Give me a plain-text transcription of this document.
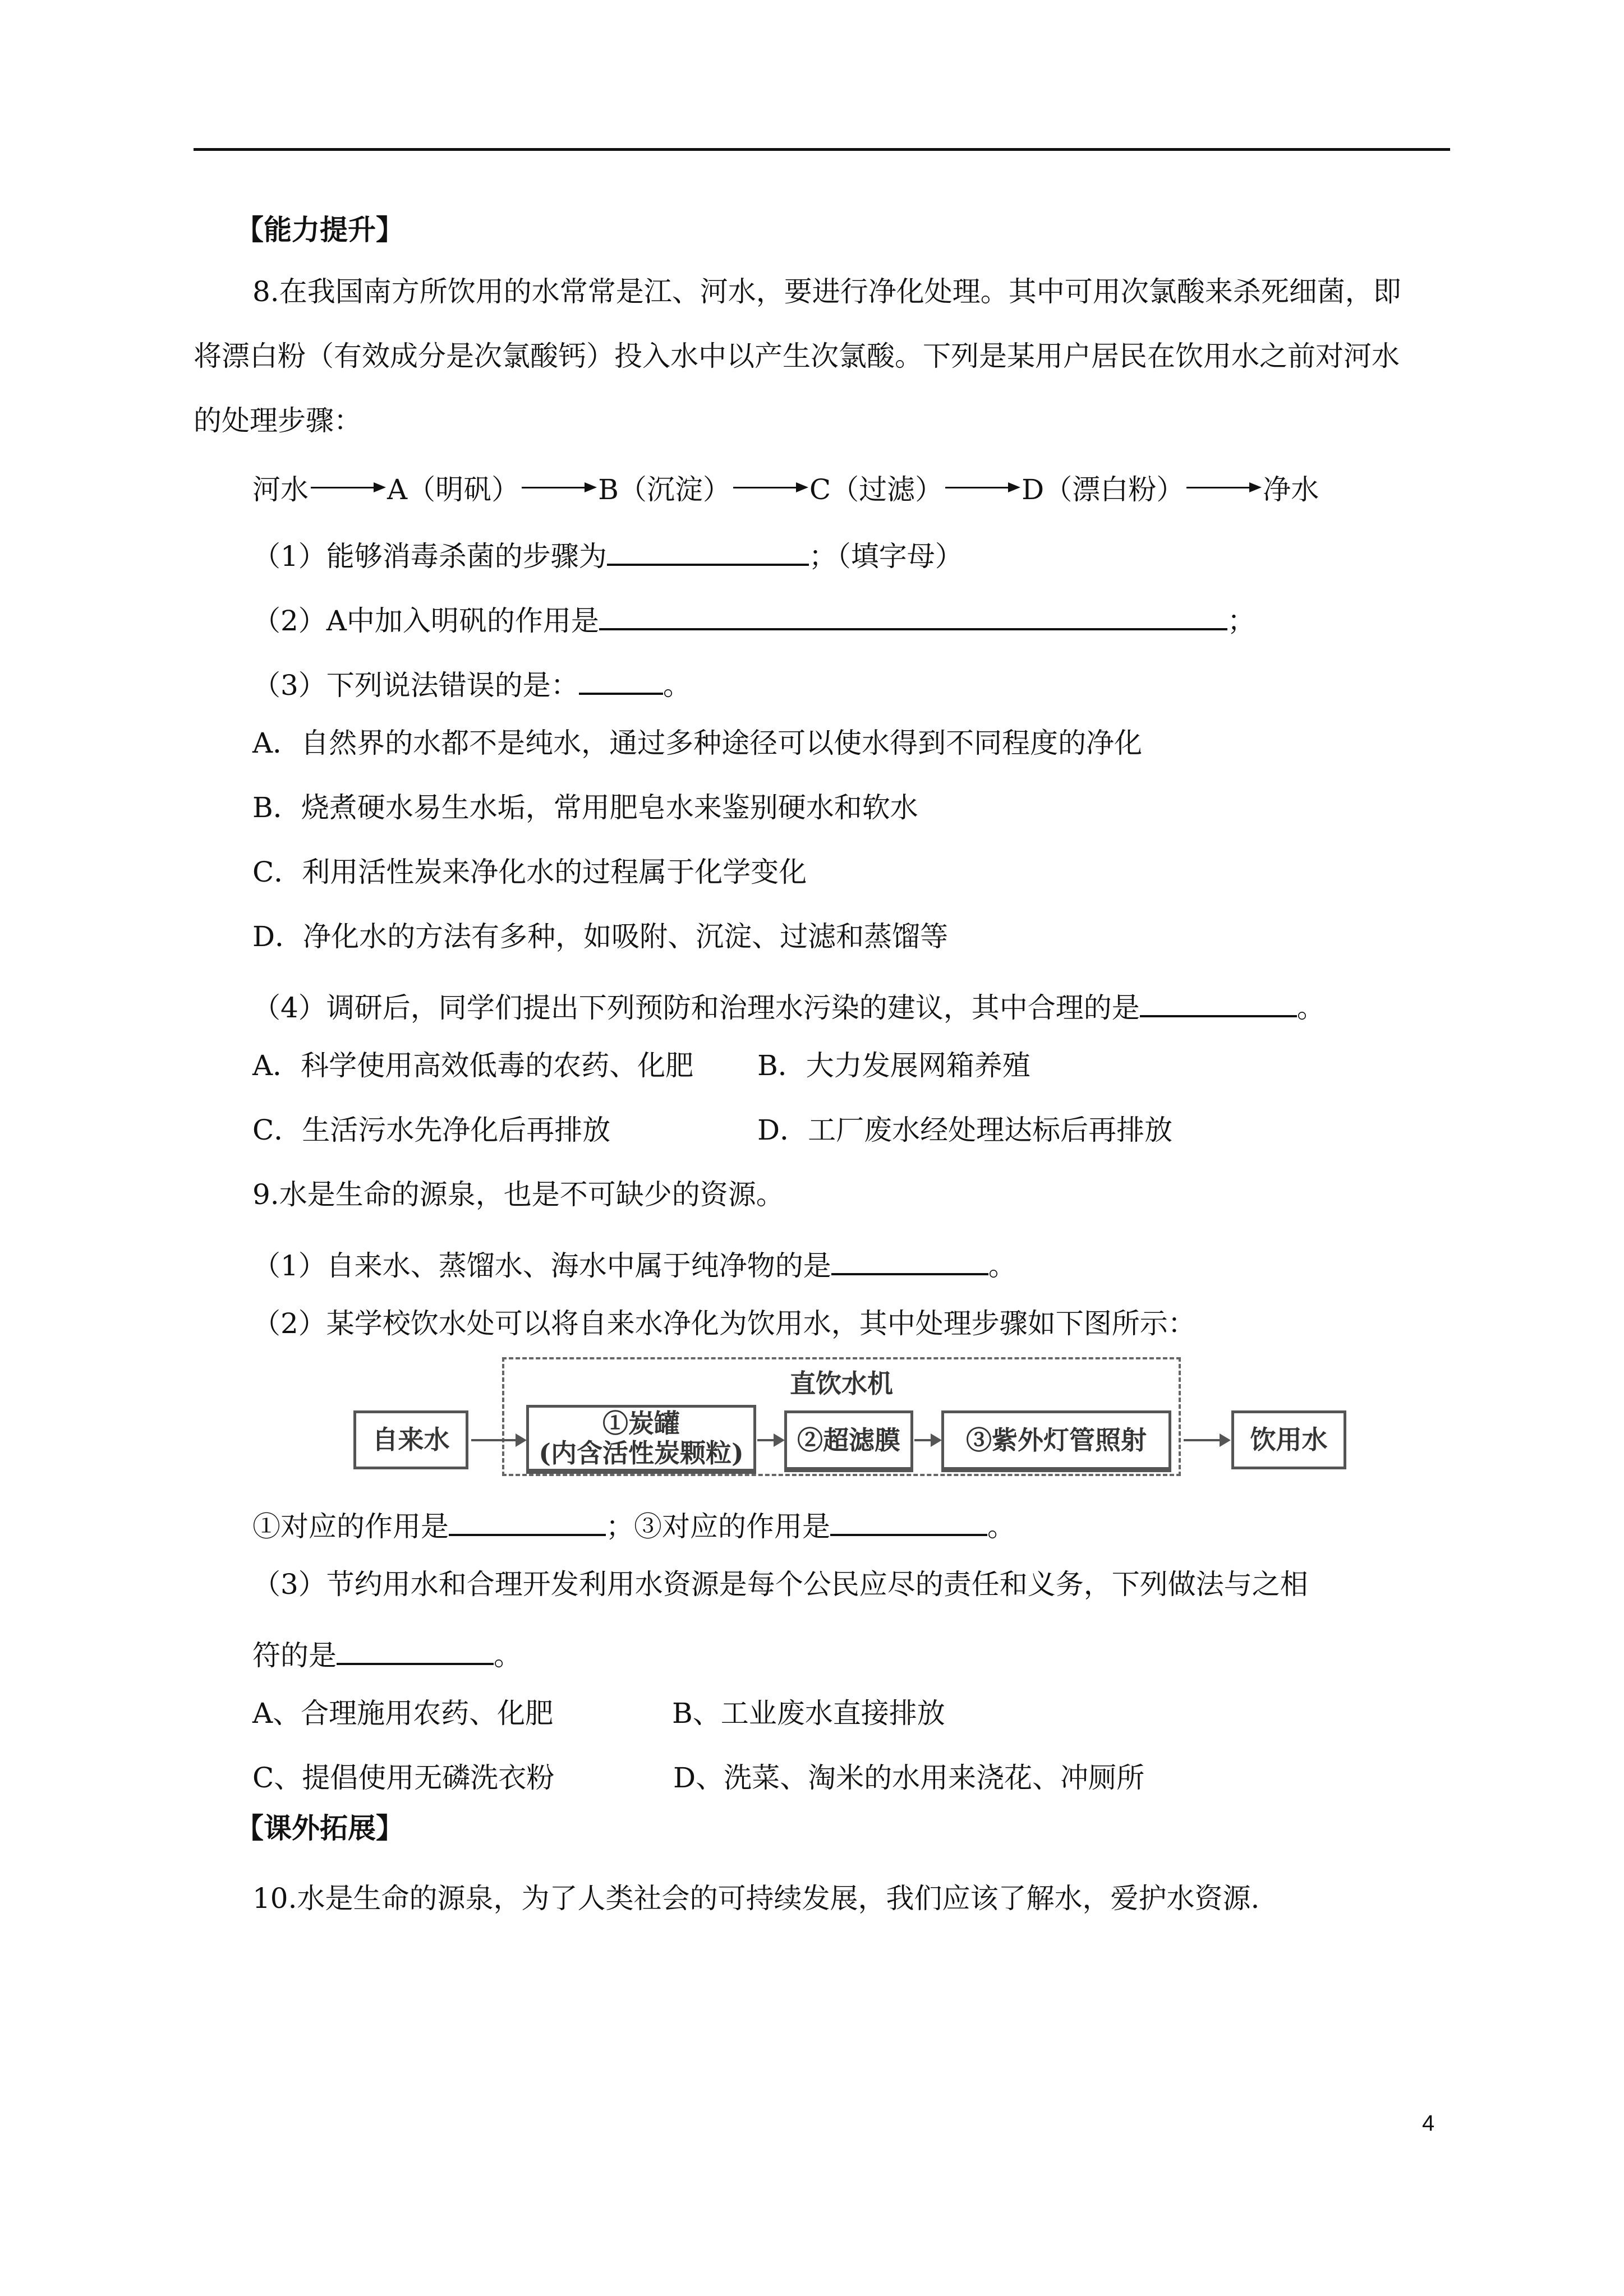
【能力提升】
8.在我国南方所饮用的水常常是江、河水，要进行净化处理。其中可用次氯酸来杀死细菌，即
将漂白粉（有效成分是次氯酸钙）投入水中以产生次氯酸。下列是某用户居民在饮用水之前对河水
的处理步骤：
河水	A（明矾）	B（沉淀）	C（过滤）	D（漂白粉）	净水
（1）能够消毒杀菌的步骤为	；（填字母）
（2）A中加入明矾的作用是	；
（3）下列说法错误的是：	。
A．自然界的水都不是纯水，通过多种途径可以使水得到不同程度的净化
B．烧煮硬水易生水垢，常用肥皂水来鉴别硬水和软水
C．利用活性炭来净化水的过程属于化学变化
D．净化水的方法有多种，如吸附、沉淀、过滤和蒸馏等
（4）调研后，同学们提出下列预防和治理水污染的建议，其中合理的是	。
A．科学使用高效低毒的农药、化肥 B．大力发展网箱养殖
C．生活污水先净化后再排放	D．工厂废水经处理达标后再排放
9.水是生命的源泉，也是不可缺少的资源。
（1）自来水、蒸馏水、海水中属于纯净物的是	。
（2）某学校饮水处可以将自来水净化为饮用水，其中处理步骤如下图所示：
直饮水机
自来水
①炭罐
(内含活性炭颗粒) ②超滤膜	③紫外灯管照射	饮用水
①对应的作用是	；③对应的作用是	。
（3）节约用水和合理开发利用水资源是每个公民应尽的责任和义务，下列做法与之相
符的是	。
A、合理施用农药、化肥	B、工业废水直接排放
C、提倡使用无磷洗衣粉	D、洗菜、淘米的水用来浇花、冲厕所
【课外拓展】
10.水是生命的源泉，为了人类社会的可持续发展，我们应该了解水，爱护水资源.
4
